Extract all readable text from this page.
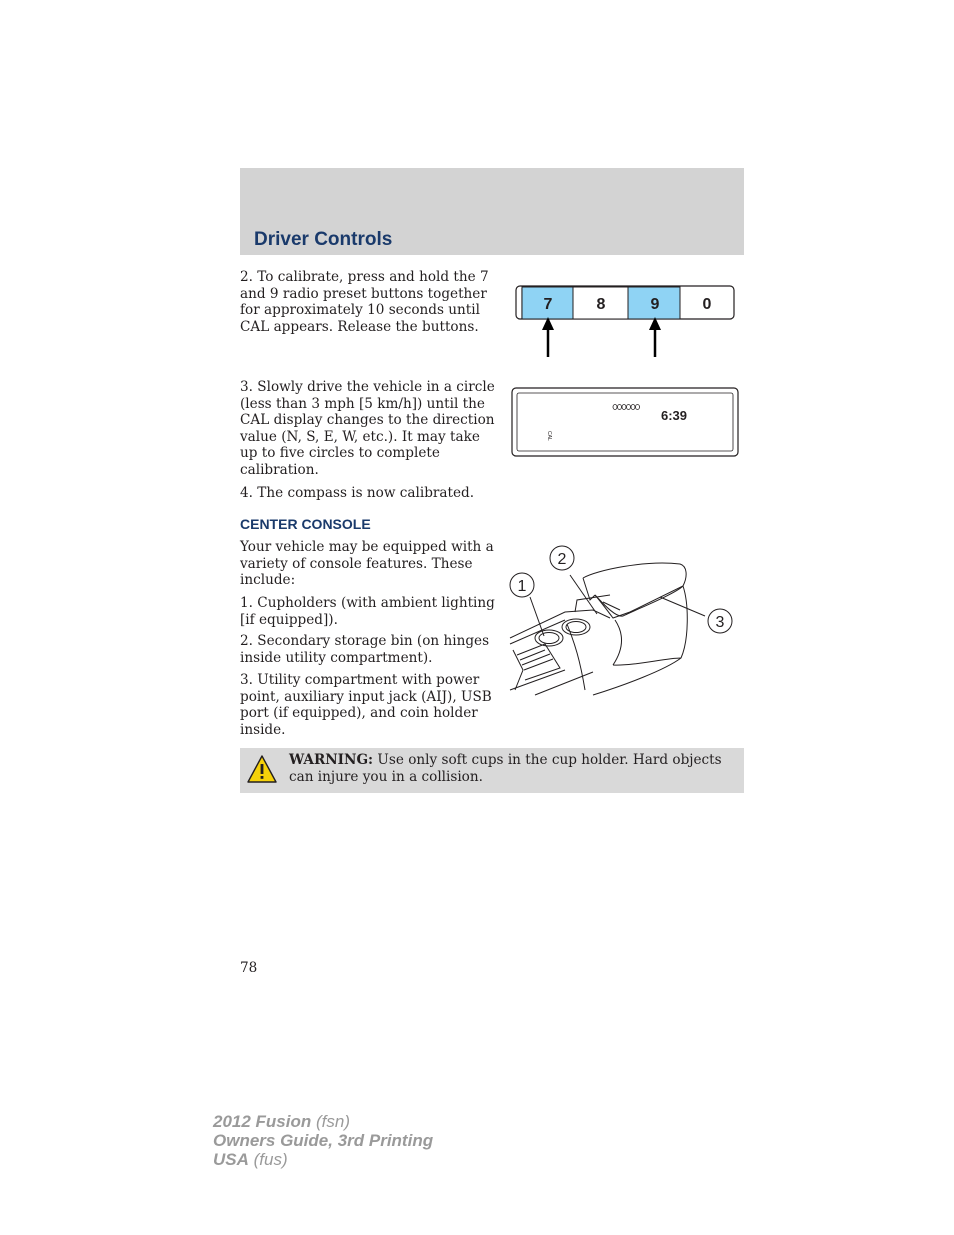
Driver Controls

2. To calibrate, press and hold the 7 and 9 radio preset buttons together for approximately 10 seconds until CAL appears. Release the buttons.

7	8	9	0

3. Slowly drive the vehicle in a circle (less than 3 mph [5 km/h]) until the CAL display changes to the direction value (N, S, E, W, etc.). It may take up to five circles to complete calibration.

6:39
CAL

4. The compass is now calibrated.

CENTER CONSOLE

Your vehicle may be equipped with a variety of console features. These include:

1. Cupholders (with ambient lighting [if equipped]).

2. Secondary storage bin (on hinges inside utility compartment).

3. Utility compartment with power point, auxiliary input jack (AIJ), USB port (if equipped), and coin holder inside.

2
1
3
WARNING: Use only soft cups in the cup holder. Hard objects can injure you in a collision.
78
2012 Fusion (fsn)
Owners Guide, 3rd Printing
USA (fus)
